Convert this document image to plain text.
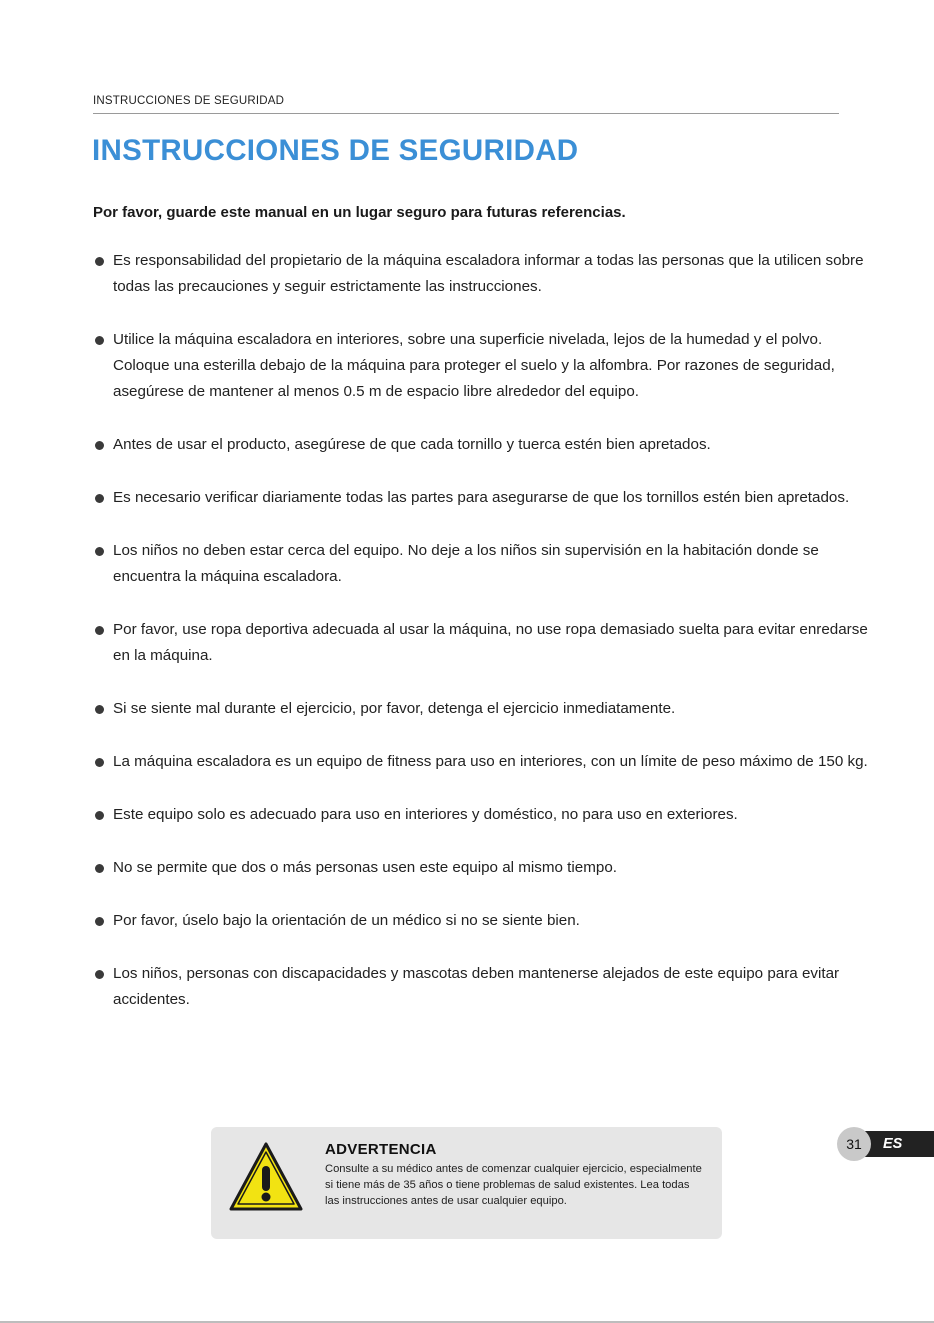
INSTRUCCIONES DE SEGURIDAD
INSTRUCCIONES DE SEGURIDAD

Por favor, guarde este manual en un lugar seguro para futuras referencias.

Es responsabilidad del propietario de la máquina escaladora informar a todas las personas que la utilicen sobre todas las precauciones y seguir estrictamente las instrucciones.
Utilice la máquina escaladora en interiores, sobre una superficie nivelada, lejos de la humedad y el polvo. Coloque una esterilla debajo de la máquina para proteger el suelo y la alfombra. Por razones de seguridad, asegúrese de mantener al menos 0.5 m de espacio libre alrededor del equipo.
Antes de usar el producto, asegúrese de que cada tornillo y tuerca estén bien apretados.
Es necesario verificar diariamente todas las partes para asegurarse de que los tornillos estén bien apretados.
Los niños no deben estar cerca del equipo. No deje a los niños sin supervisión en la habitación donde se encuentra la máquina escaladora.
Por favor, use ropa deportiva adecuada al usar la máquina, no use ropa demasiado suelta para evitar enredarse en la máquina.
Si se siente mal durante el ejercicio, por favor, detenga el ejercicio inmediatamente.
La máquina escaladora es un equipo de fitness para uso en interiores, con un límite de peso máximo de 150 kg.
Este equipo solo es adecuado para uso en interiores y doméstico, no para uso en exteriores.
No se permite que dos o más personas usen este equipo al mismo tiempo.
Por favor, úselo bajo la orientación de un médico si no se siente bien.
Los niños, personas con discapacidades y mascotas deben mantenerse alejados de este equipo para evitar accidentes.
ADVERTENCIA
Consulte a su médico antes de comenzar cualquier ejercicio, especialmente si tiene más de 35 años o tiene problemas de salud existentes. Lea todas las instrucciones antes de usar cualquier equipo.
ES
31
